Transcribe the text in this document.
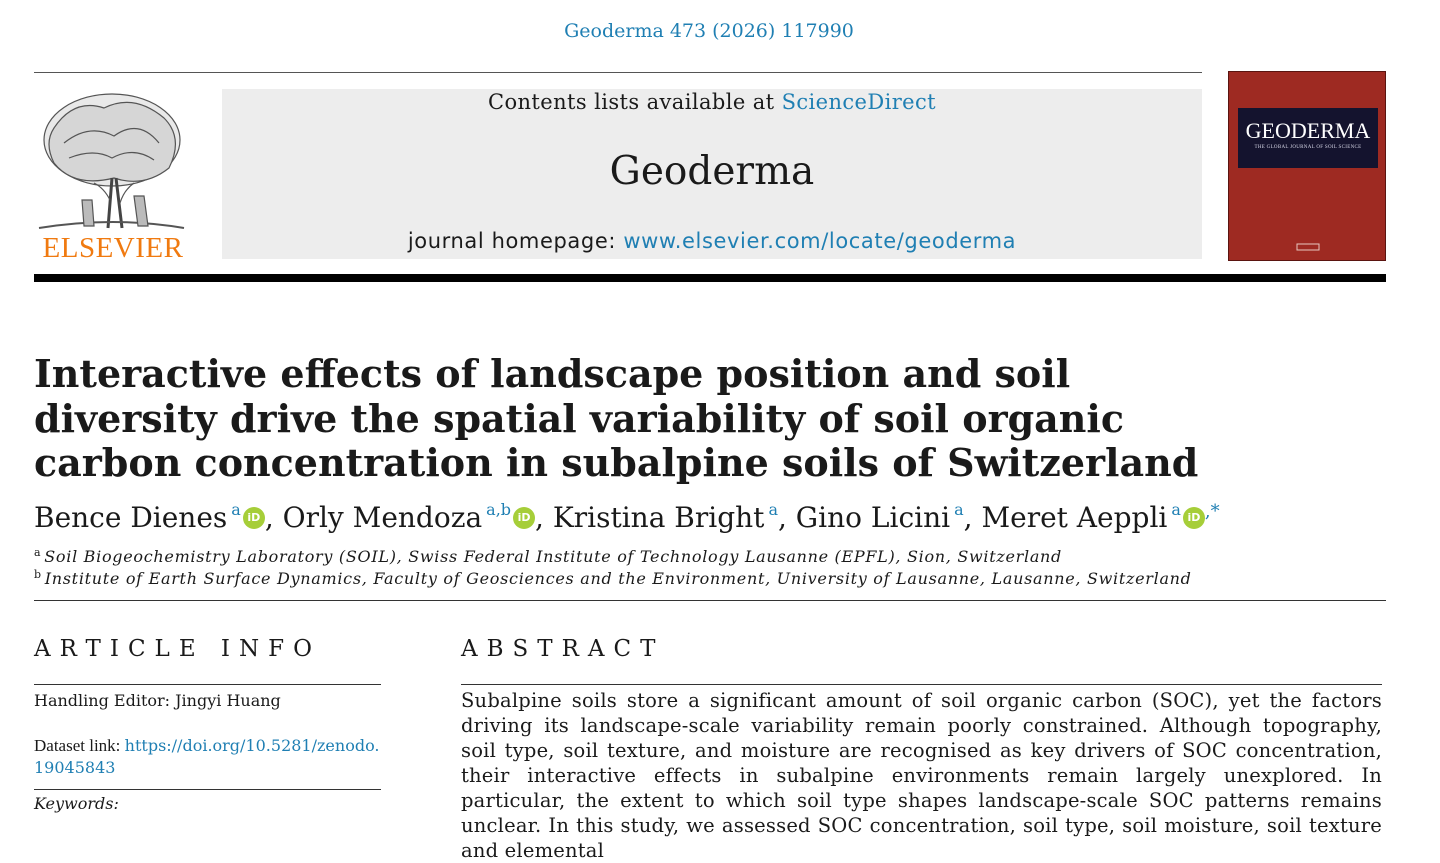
Geoderma 473 (2026) 117990
ELSEVIER
Contents lists available at ScienceDirect
Geoderma
journal homepage: www.elsevier.com/locate/geoderma
GEODERMA
THE GLOBAL JOURNAL OF SOIL SCIENCE
Interactive effects of landscape position and soil diversity drive the spatial variability of soil organic carbon concentration in subalpine soils of Switzerland
Bence Dienes $^a$ iD , Orly Mendoza $^{a,b}$ iD , Kristina Bright $^a$, Gino Licini $^a$, Meret Aeppli $^a$ iD ,*
$^a$ Soil Biogeochemistry Laboratory (SOIL), Swiss Federal Institute of Technology Lausanne (EPFL), Sion, Switzerland
$^b$ Institute of Earth Surface Dynamics, Faculty of Geosciences and the Environment, University of Lausanne, Lausanne, Switzerland
ARTICLE INFO	ABSTRACT
Handling Editor: Jingyi Huang
Dataset link: https://doi.org/10.5281/zenodo.19045843
Keywords:

Subalpine soils store a significant amount of soil organic carbon (SOC), yet the factors driving its landscape-scale variability remain poorly constrained. Although topography, soil type, soil texture, and moisture are recognised as key drivers of SOC concentration, their interactive effects in subalpine environments remain largely unexplored. In particular, the extent to which soil type shapes landscape-scale SOC patterns remains unclear. In this study, we assessed SOC concentration, soil type, soil moisture, soil texture and elemental
